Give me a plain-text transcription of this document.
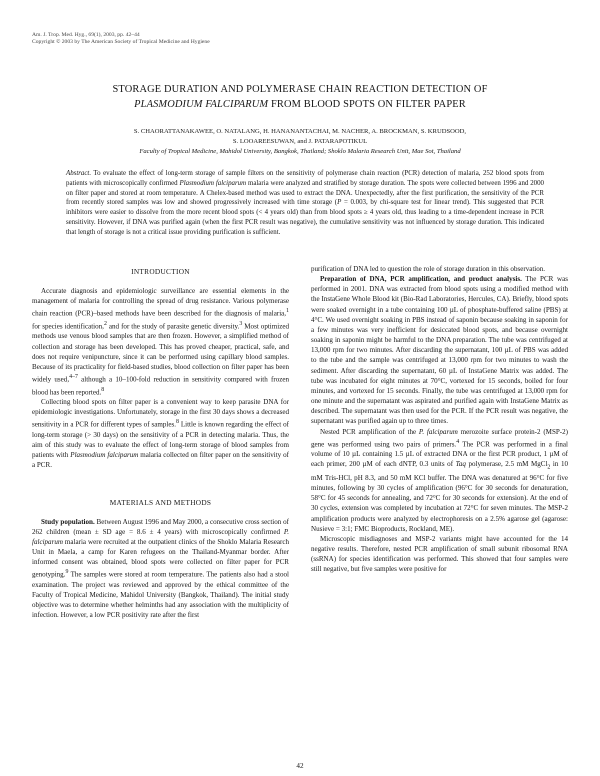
Am. J. Trop. Med. Hyg., 69(1), 2003, pp. 42–44
Copyright © 2003 by The American Society of Tropical Medicine and Hygiene
STORAGE DURATION AND POLYMERASE CHAIN REACTION DETECTION OF
PLASMODIUM FALCIPARUM FROM BLOOD SPOTS ON FILTER PAPER
S. CHAORATTANAKAWEE, O. NATALANG, H. HANANANTACHAI, M. NACHER, A. BROCKMAN, S. KRUDSOOD,
S. LOOAREESUWAN, and J. PATARAPOTIKUL
Faculty of Tropical Medicine, Mahidol University, Bangkok, Thailand; Shoklo Malaria Research Unit, Mae Sot, Thailand
Abstract. To evaluate the effect of long-term storage of sample filters on the sensitivity of polymerase chain reaction (PCR) detection of malaria, 252 blood spots from patients with microscopically confirmed Plasmodium falciparum malaria were analyzed and stratified by storage duration. The spots were collected between 1996 and 2000 on filter paper and stored at room temperature. A Chelex-based method was used to extract the DNA. Unexpectedly, after the first purification, the sensitivity of the PCR from recently stored samples was low and showed progressively increased with time storage (P = 0.003, by chi-square test for linear trend). This suggested that PCR inhibitors were easier to dissolve from the more recent blood spots (< 4 years old) than from blood spots ≥ 4 years old, thus leading to a time-dependent increase in PCR sensitivity. However, if DNA was purified again (when the first PCR result was negative), the cumulative sensitivity was not influenced by storage duration. This indicated that length of storage is not a critical issue providing purification is sufficient.

INTRODUCTION

Accurate diagnosis and epidemiologic surveillance are essential elements in the management of malaria for controlling the spread of drug resistance. Various polymerase chain reaction (PCR)–based methods have been described for the diagnosis of malaria,$^1$ for species identification,$^2$ and for the study of parasite genetic diversity.$^3$ Most optimized methods use venous blood samples that are then frozen. However, a simplified method of collection and storage has been developed. This has proved cheaper, practical, safe, and does not require venipuncture, since it can be performed using capillary blood samples. Because of its practicality for field-based studies, blood collection on filter paper has been widely used,$^{4-7}$ although a 10–100-fold reduction in sensitivity compared with frozen blood has been reported.$^8$

Collecting blood spots on filter paper is a convenient way to keep parasite DNA for epidemiologic investigations. Unfortunately, storage in the first 30 days shows a decreased sensitivity in a PCR for different types of samples.$^8$ Little is known regarding the effect of long-term storage (> 30 days) on the sensitivity of a PCR in detecting malaria. Thus, the aim of this study was to evaluate the effect of long-term storage of blood samples from patients with Plasmodium falciparum malaria collected on filter paper on the sensitivity of a PCR.

MATERIALS AND METHODS

Study population. Between August 1996 and May 2000, a consecutive cross section of 262 children (mean ± SD age = 8.6 ± 4 years) with microscopically confirmed P. falciparum malaria were recruited at the outpatient clinics of the Shoklo Malaria Research Unit in Maela, a camp for Karen refugees on the Thailand-Myanmar border. After informed consent was obtained, blood spots were collected on filter paper for PCR genotyping.$^9$ The samples were stored at room temperature. The patients also had a stool examination. The project was reviewed and approved by the ethical committee of the Faculty of Tropical Medicine, Mahidol University (Bangkok, Thailand). The initial study objective was to determine whether helminths had any association with the multiplicity of infection. However, a low PCR positivity rate after the first

purification of DNA led to question the role of storage duration in this observation.

Preparation of DNA, PCR amplification, and product analysis. The PCR was performed in 2001. DNA was extracted from blood spots using a modified method with the InstaGene Whole Blood kit (Bio-Rad Laboratories, Hercules, CA). Briefly, blood spots were soaked overnight in a tube containing 100 µL of phosphate-buffered saline (PBS) at 4°C. We used overnight soaking in PBS instead of saponin because soaking in saponin for a few minutes was very inefficient for desiccated blood spots, and because overnight soaking in saponin might be harmful to the DNA preparation. The tube was centrifuged at 13,000 rpm for two minutes. After discarding the supernatant, 100 µL of PBS was added to the tube and the sample was centrifuged at 13,000 rpm for two minutes to wash the sediment. After discarding the supernatant, 60 µL of InstaGene Matrix was added. The tube was incubated for eight minutes at 70°C, vortexed for 15 seconds, boiled for four minutes, and vortexed for 15 seconds. Finally, the tube was centrifuged at 13,000 rpm for one minute and the supernatant was aspirated and purified again with InstaGene Matrix as described. The supernatant was then used for the PCR. If the PCR result was negative, the supernatant was purified again up to three times.

Nested PCR amplification of the P. falciparum merozoite surface protein-2 (MSP-2) gene was performed using two pairs of primers.$^4$ The PCR was performed in a final volume of 10 µL containing 1.5 µL of extracted DNA or the first PCR product, 1 µM of each primer, 200 µM of each dNTP, 0.3 units of Taq polymerase, 2.5 mM MgCl$_2$ in 10 mM Tris-HCl, pH 8.3, and 50 mM KCl buffer. The DNA was denatured at 96°C for five minutes, following by 30 cycles of amplification (96°C for 30 seconds for denaturation, 58°C for 45 seconds for annealing, and 72°C for 30 seconds for extension). At the end of 30 cycles, extension was completed by incubation at 72°C for seven minutes. The MSP-2 amplification products were analyzed by electrophoresis on a 2.5% agarose gel (agarose: Nusieve = 3:1; FMC Bioproducts, Rockland, ME).

Microscopic misdiagnoses and MSP-2 variants might have accounted for the 14 negative results. Therefore, nested PCR amplification of small subunit ribosomal RNA (ssRNA) for species identification was performed. This showed that four samples were still negative, but five samples were positive for

42
